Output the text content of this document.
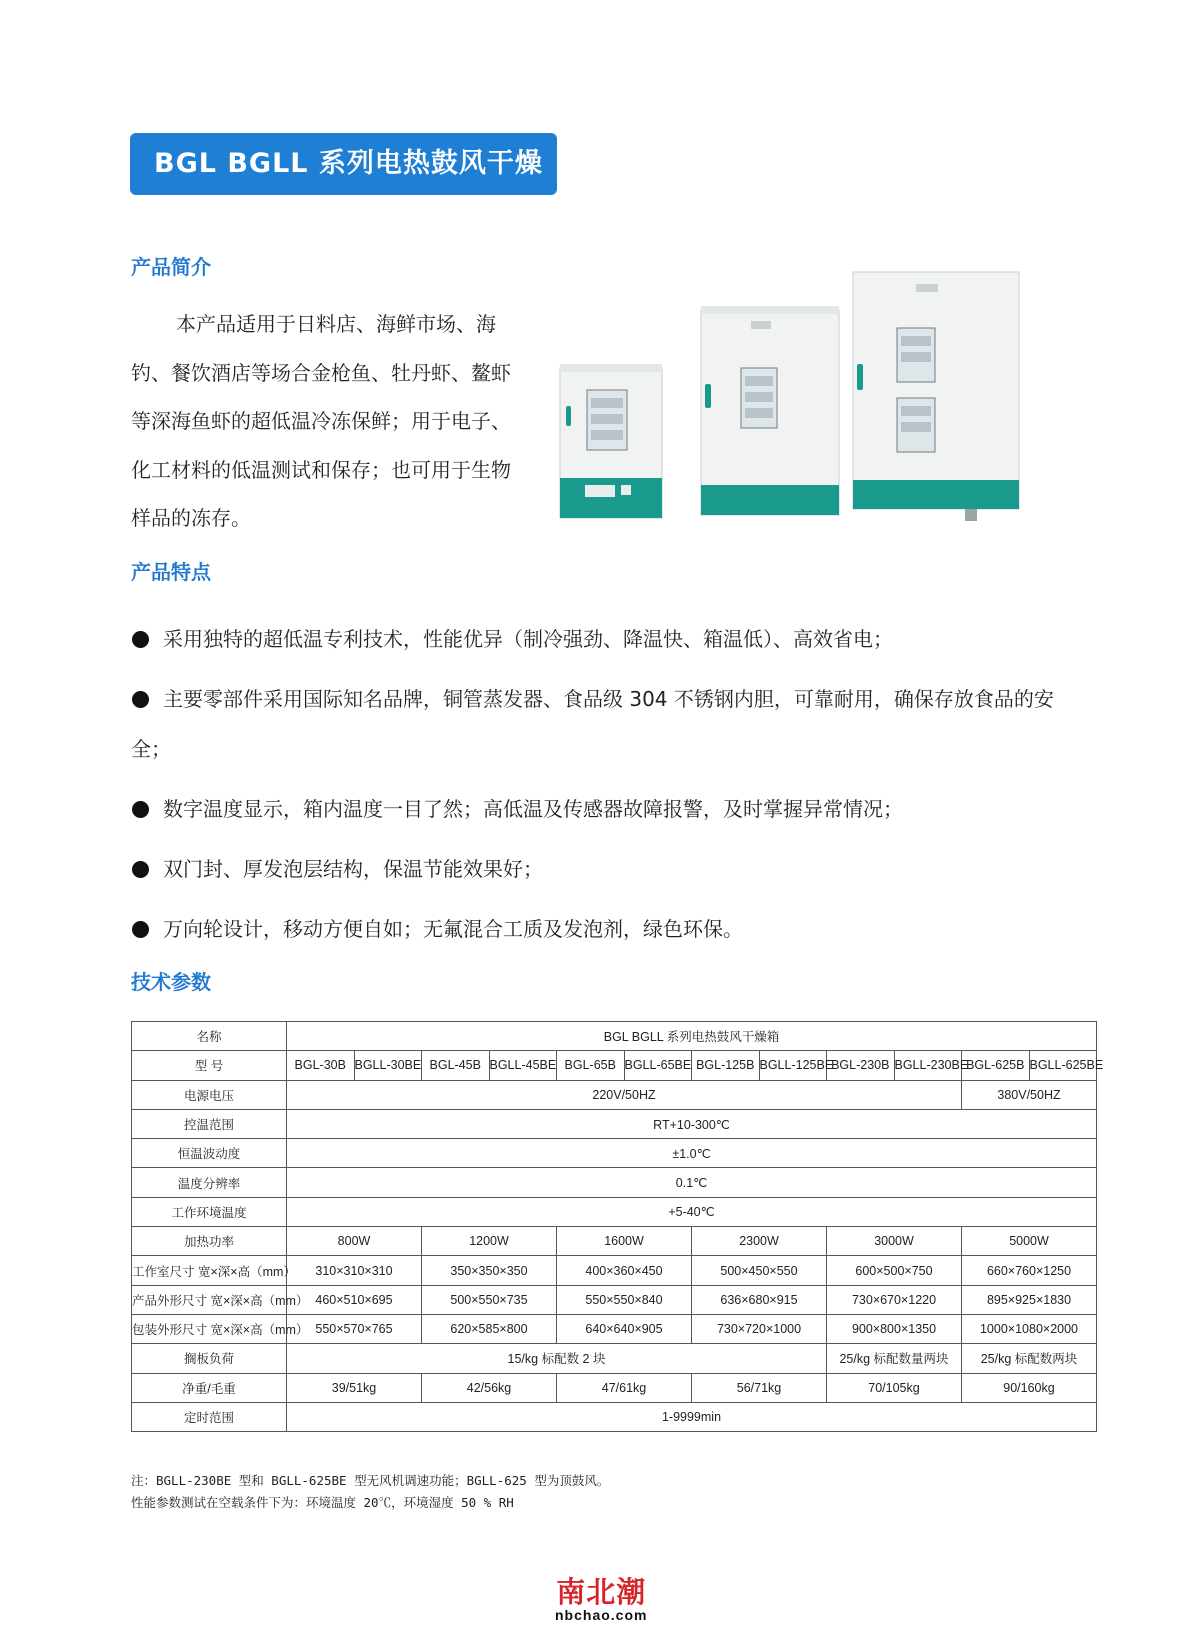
BGL BGLL 系列电热鼓风干燥箱
产品简介
本产品适用于日料店、海鲜市场、海钓、餐饮酒店等场合金枪鱼、牡丹虾、鳌虾等深海鱼虾的超低温冷冻保鲜；用于电子、化工材料的低温测试和保存；也可用于生物样品的冻存。
产品特点
采用独特的超低温专利技术，性能优异（制冷强劲、降温快、箱温低）、高效省电；
主要零部件采用国际知名品牌，铜管蒸发器、食品级 304 不锈钢内胆，可靠耐用，确保存放食品的安
全；
数字温度显示，箱内温度一目了然；高低温及传感器故障报警，及时掌握异常情况；
双门封、厚发泡层结构，保温节能效果好；
万向轮设计，移动方便自如；无氟混合工质及发泡剂，绿色环保。
技术参数
名称	BGL BGLL 系列电热鼓风干燥箱											
型 号	BGL-30B	BGLL-30BE	BGL-45B	BGLL-45BE	BGL-65B	BGLL-65BE	BGL-125B	BGLL-125BE	BGL-230B	BGLL-230BE	BGL-625B	BGLL-625BE
电源电压	220V/50HZ										380V/50HZ	
控温范围	RT+10-300℃											
恒温波动度	±1.0℃											
温度分辨率	0.1℃											
工作环境温度	+5-40℃											
加热功率	800W		1200W		1600W		2300W		3000W		5000W	
工作室尺寸 宽×深×高（mm）	310×310×310		350×350×350		400×360×450		500×450×550		600×500×750		660×760×1250	
产品外形尺寸 宽×深×高（mm）	460×510×695		500×550×735		550×550×840		636×680×915		730×670×1220		895×925×1830	
包装外形尺寸 宽×深×高（mm）	550×570×765		620×585×800		640×640×905		730×720×1000		900×800×1350		1000×1080×2000	
搁板负荷	15/kg 标配数 2 块								25/kg 标配数量两块		25/kg 标配数两块	
净重/毛重	39/51kg		42/56kg		47/61kg		56/71kg		70/105kg		90/160kg	
定时范围	1-9999min											
注：BGLL-230BE 型和 BGLL-625BE 型无风机调速功能；BGLL-625 型为顶鼓风。
性能参数测试在空载条件下为：环境温度 20℃，环境湿度 50 % RH
南北潮
nbchao.com
